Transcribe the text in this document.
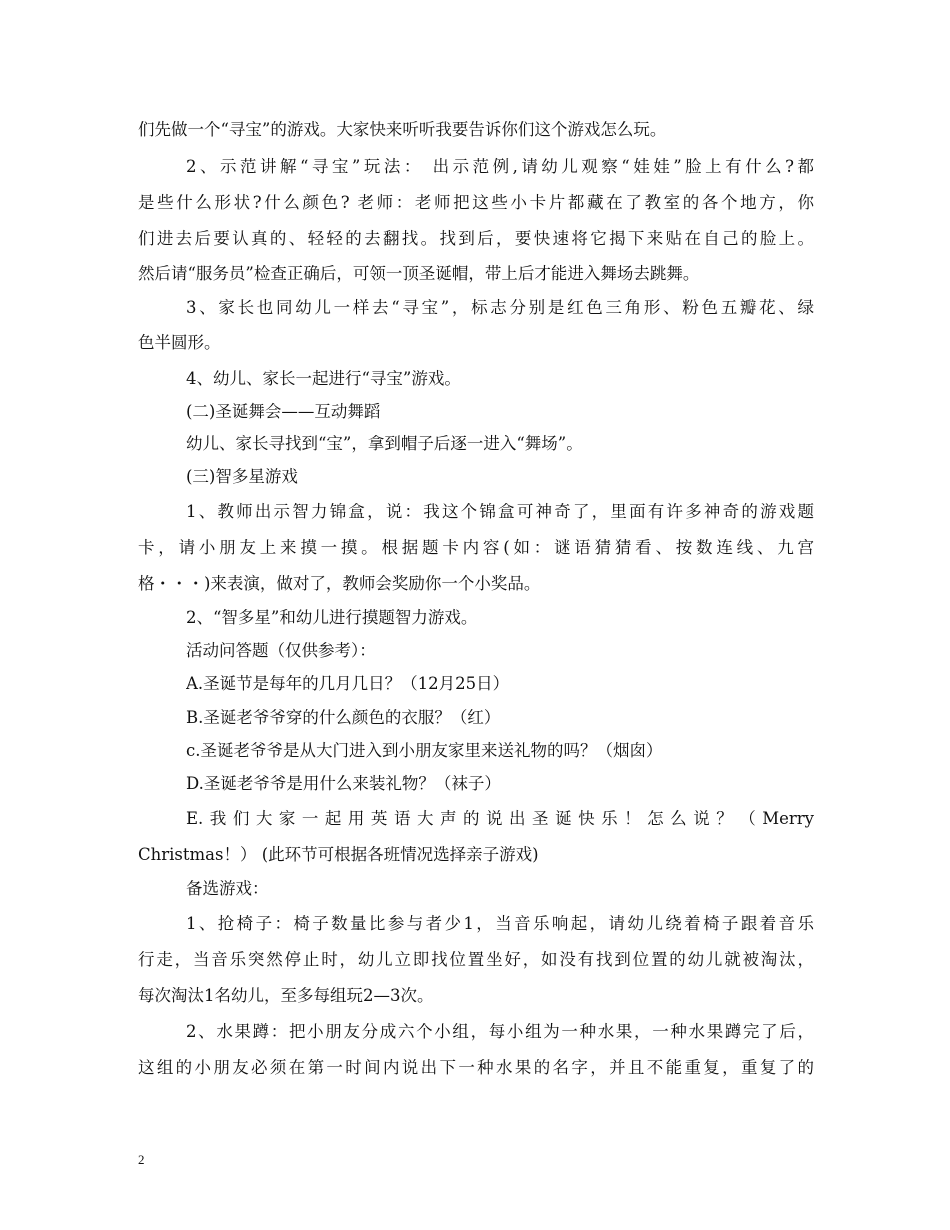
们先做一个“寻宝”的游戏。大家快来听听我要告诉你们这个游戏怎么玩。
2、示范讲解“寻宝”玩法： 出示范例,请幼儿观察“娃娃”脸上有什么?都
是些什么形状?什么颜色? 老师：老师把这些小卡片都藏在了教室的各个地方，你
们进去后要认真的、轻轻的去翻找。找到后，要快速将它揭下来贴在自己的脸上。
然后请“服务员”检查正确后，可领一顶圣诞帽，带上后才能进入舞场去跳舞。
3、家长也同幼儿一样去“寻宝”，标志分别是红色三角形、粉色五瓣花、绿
色半圆形。
4、幼儿、家长一起进行“寻宝”游戏。
(二)圣诞舞会——互动舞蹈
幼儿、家长寻找到“宝”，拿到帽子后逐一进入“舞场”。
(三)智多星游戏
1、教师出示智力锦盒，说：我这个锦盒可神奇了，里面有许多神奇的游戏题
卡，请小朋友上来摸一摸。根据题卡内容(如：谜语猜猜看、按数连线、九宫
格・・・)来表演，做对了，教师会奖励你一个小奖品。
2、“智多星”和幼儿进行摸题智力游戏。
活动问答题（仅供参考）：
A.圣诞节是每年的几月几日？（12月25日）
B.圣诞老爷爷穿的什么颜色的衣服？（红）
c.圣诞老爷爷是从大门进入到小朋友家里来送礼物的吗？（烟囱）
D.圣诞老爷爷是用什么来装礼物？（袜子）
E.我们大家一起用英语大声的说出圣诞快乐！怎么说？（Merry
Christmas！） (此环节可根据各班情况选择亲子游戏)
备选游戏：
1、抢椅子：椅子数量比参与者少1，当音乐响起，请幼儿绕着椅子跟着音乐
行走，当音乐突然停止时，幼儿立即找位置坐好，如没有找到位置的幼儿就被淘汰，
每次淘汰1名幼儿，至多每组玩2—3次。
2、水果蹲：把小朋友分成六个小组，每小组为一种水果，一种水果蹲完了后，
这组的小朋友必须在第一时间内说出下一种水果的名字，并且不能重复，重复了的
2
